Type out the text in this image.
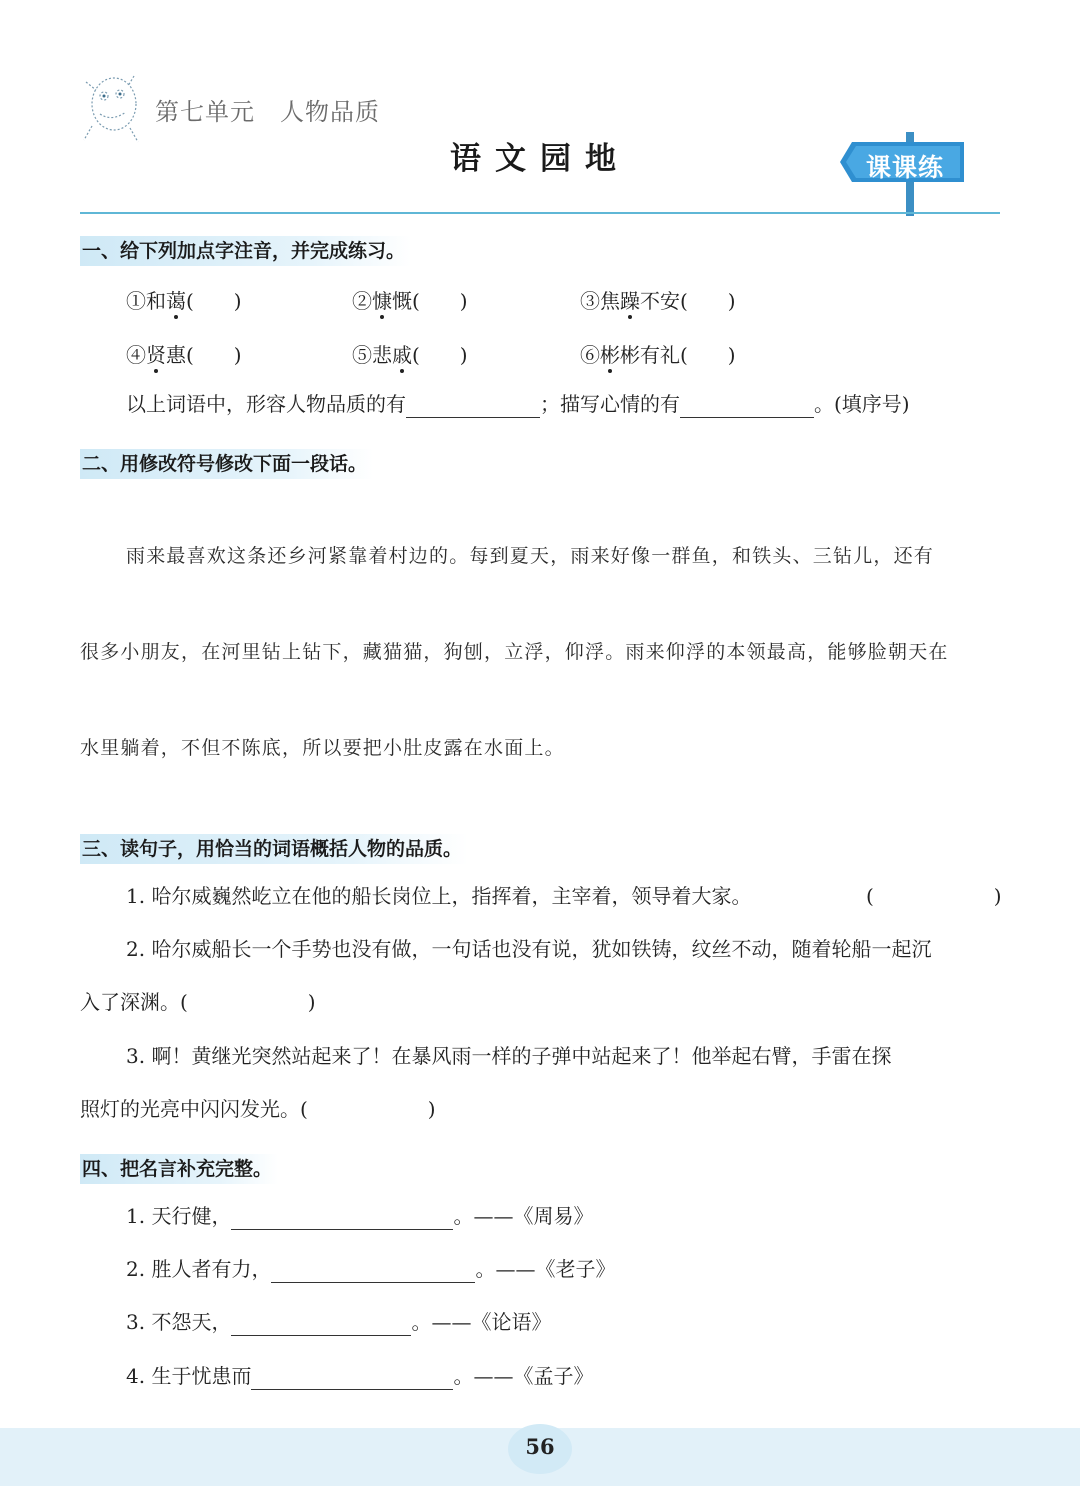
第七单元　人物品质
语文园地	课课练
一、给下列加点字注音，并完成练习。
①和蔼(　　)	②慷慨(　　)	③焦躁不安(　　)
④贤惠(　　)	⑤悲戚(　　)	⑥彬彬有礼(　　)
以上词语中，形容人物品质的有	；描写心情的有	。(填序号)
二、用修改符号修改下面一段话。
雨来最喜欢这条还乡河紧靠着村边的。每到夏天，雨来好像一群鱼，和铁头、三钻儿，还有
很多小朋友，在河里钻上钻下，藏猫猫，狗刨，立浮，仰浮。雨来仰浮的本领最高，能够脸朝天在
水里躺着，不但不陈底，所以要把小肚皮露在水面上。
三、读句子，用恰当的词语概括人物的品质。
1. 哈尔威巍然屹立在他的船长岗位上，指挥着，主宰着，领导着大家。	(　　　　　　)
2. 哈尔威船长一个手势也没有做，一句话也没有说，犹如铁铸，纹丝不动，随着轮船一起沉
入了深渊。(　　　　　　)
3. 啊！黄继光突然站起来了！在暴风雨一样的子弹中站起来了！他举起右臂，手雷在探
照灯的光亮中闪闪发光。(　　　　　　)
四、把名言补充完整。
1. 天行健，	。——《周易》
2. 胜人者有力，	。——《老子》
3. 不怨天，	。——《论语》
4. 生于忧患而	。——《孟子》
56
